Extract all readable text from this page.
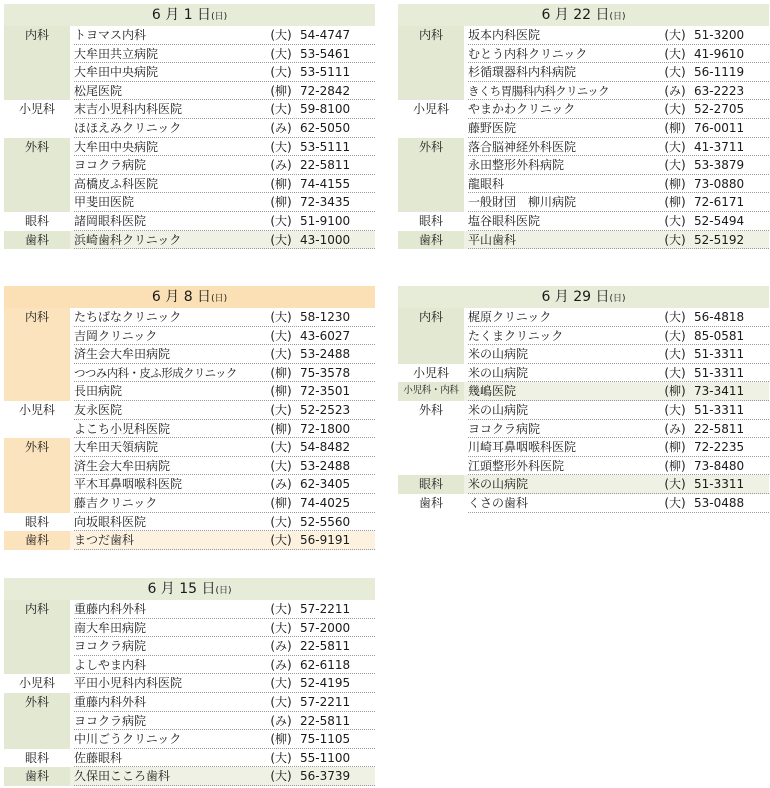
6 月 1 日(日)
内科	トヨマス内科	(大) 54-4747

大牟田共立病院	(大) 53-5461

大牟田中央病院	(大) 53-5111

松尾医院	(柳) 72-2842
小児科	末吉小児科内科医院	(大) 59-8100

ほほえみクリニック	(み) 62-5050
外科	大牟田中央病院	(大) 53-5111

ヨコクラ病院	(み) 22-5811

高橋皮ふ科医院	(柳) 74-4155

甲斐田医院	(柳) 72-3435
眼科	諸岡眼科医院	(大) 51-9100
歯科	浜崎歯科クリニック	(大) 43-1000
6 月 22 日(日)
内科	坂本内科医院	(大) 51-3200

むとう内科クリニック	(大) 41-9610

杉循環器科内科病院	(大) 56-1119

きくち胃腸科内科クリニック	(み) 63-2223
小児科	やまかわクリニック	(大) 52-2705

藤野医院	(柳) 76-0011
外科	落合脳神経外科医院	(大) 41-3711

永田整形外科病院	(大) 53-3879

龍眼科	(柳) 73-0880

一般財団　柳川病院	(柳) 72-6171
眼科	塩谷眼科医院	(大) 52-5494
歯科	平山歯科	(大) 52-5192
6 月 8 日(日)
内科	たちばなクリニック	(大) 58-1230

吉岡クリニック	(大) 43-6027

済生会大牟田病院	(大) 53-2488

つつみ内科・皮ふ形成クリニック	(柳) 75-3578

長田病院	(柳) 72-3501
小児科	友永医院	(大) 52-2523

よこち小児科医院	(柳) 72-1800
外科	大牟田天領病院	(大) 54-8482

済生会大牟田病院	(大) 53-2488

平木耳鼻咽喉科医院	(み) 62-3405

藤吉クリニック	(柳) 74-4025
眼科	向坂眼科医院	(大) 52-5560
歯科	まつだ歯科	(大) 56-9191
6 月 29 日(日)
内科	梶原クリニック	(大) 56-4818

たくまクリニック	(大) 85-0581

米の山病院	(大) 51-3311
小児科	米の山病院	(大) 51-3311
小児科・内科 幾嶋医院	(柳) 73-3411
外科	米の山病院	(大) 51-3311

ヨコクラ病院	(み) 22-5811

川崎耳鼻咽喉科医院	(柳) 72-2235

江頭整形外科医院	(柳) 73-8480
眼科	米の山病院	(大) 51-3311
歯科	くさの歯科	(大) 53-0488
6 月 15 日(日)
内科	重藤内科外科	(大) 57-2211

南大牟田病院	(大) 57-2000

ヨコクラ病院	(み) 22-5811

よしやま内科	(み) 62-6118
小児科	平田小児科内科医院	(大) 52-4195
外科	重藤内科外科	(大) 57-2211

ヨコクラ病院	(み) 22-5811

中川ごうクリニック	(柳) 75-1105
眼科	佐藤眼科	(大) 55-1100
歯科	久保田こころ歯科	(大) 56-3739
